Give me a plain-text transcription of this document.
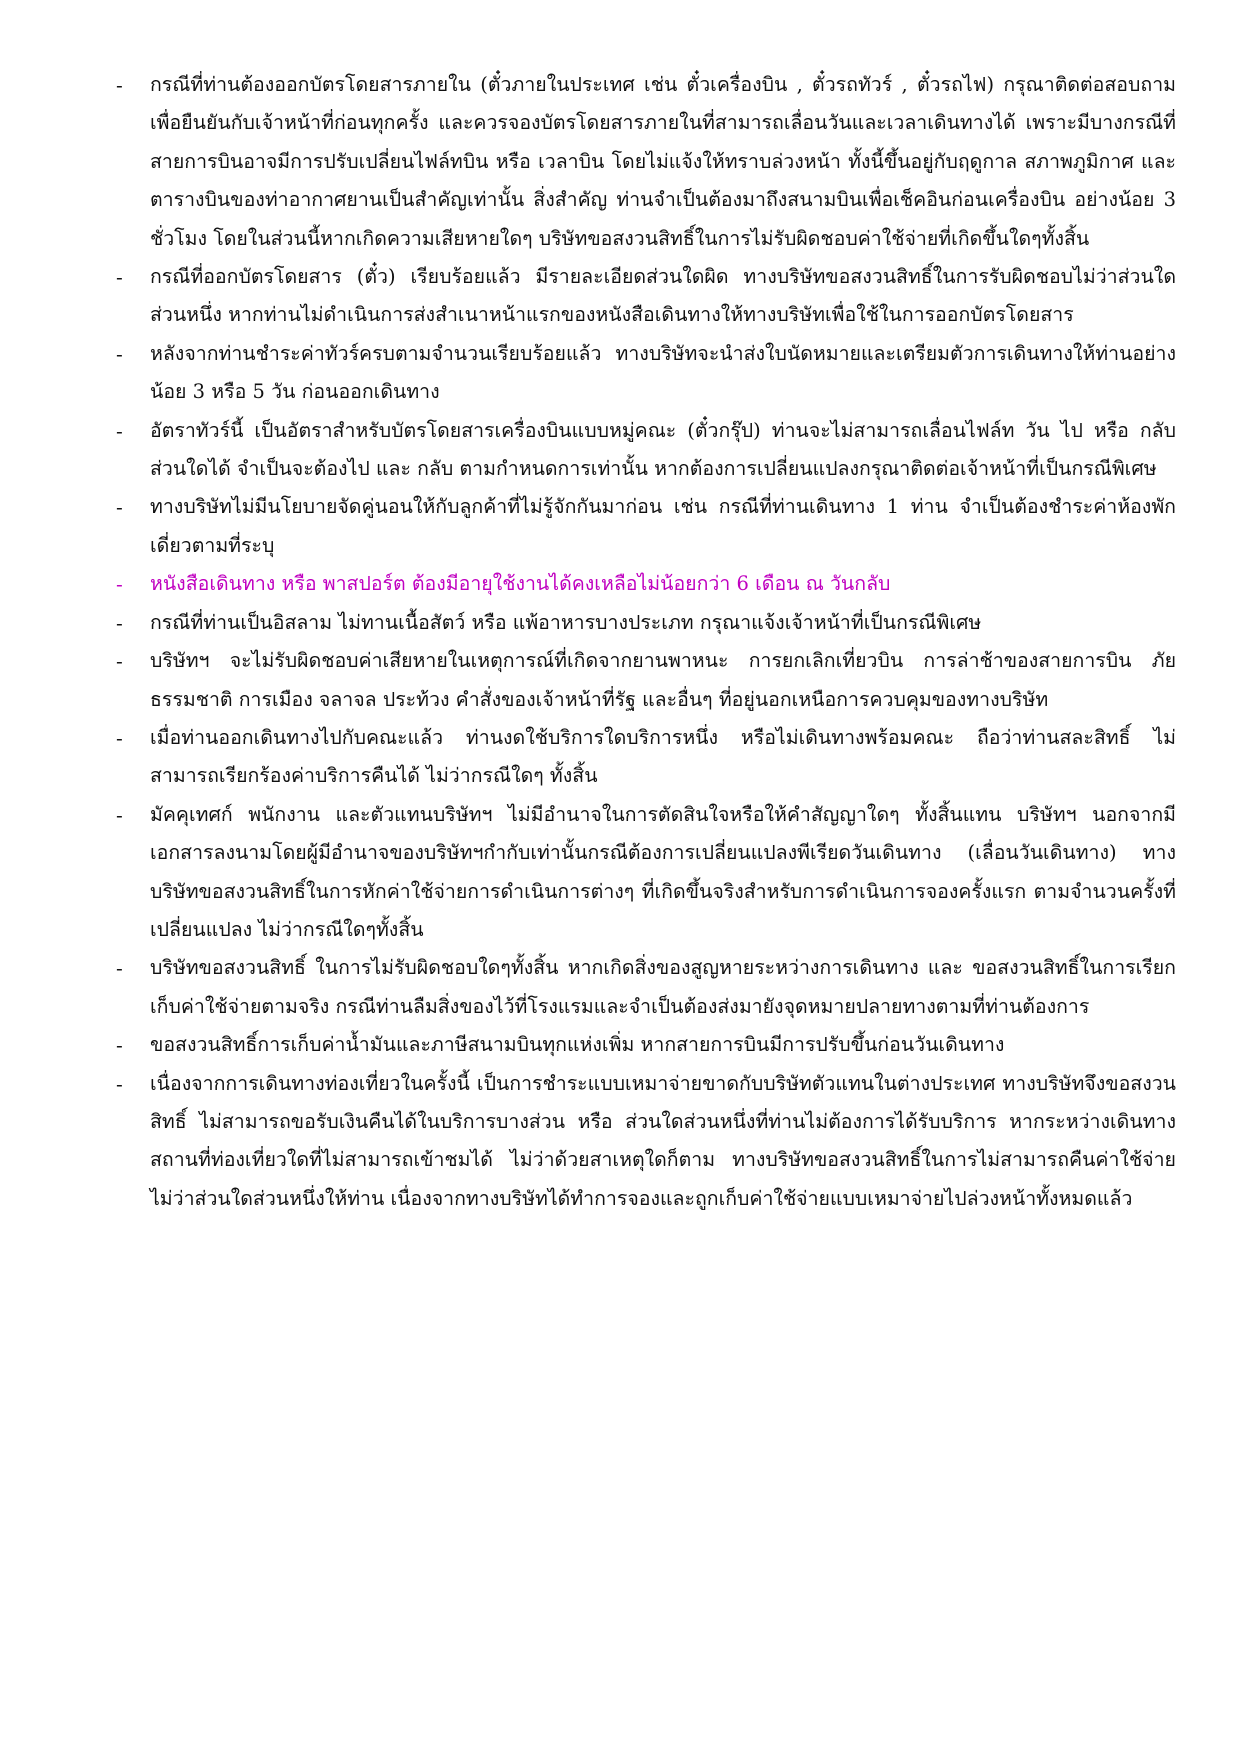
-	กรณีที่ท่านต้องออกบัตรโดยสารภายใน (ตั๋วภายในประเทศ เช่น ตั๋วเครื่องบิน , ตั๋วรถทัวร์ , ตั๋วรถไฟ) กรุณาติดต่อสอบถามเพื่อยืนยันกับเจ้าหน้าที่ก่อนทุกครั้ง และควรจองบัตรโดยสารภายในที่สามารถเลื่อนวันและเวลาเดินทางได้ เพราะมีบางกรณีที่สายการบินอาจมีการปรับเปลี่ยนไฟล์ทบิน หรือ เวลาบิน โดยไม่แจ้งให้ทราบล่วงหน้า ทั้งนี้ขึ้นอยู่กับฤดูกาล สภาพภูมิกาศ และ ตารางบินของท่าอากาศยานเป็นสำคัญเท่านั้น สิ่งสำคัญ ท่านจำเป็นต้องมาถึงสนามบินเพื่อเช็คอินก่อนเครื่องบิน อย่างน้อย 3 ชั่วโมง โดยในส่วนนี้หากเกิดความเสียหายใดๆ บริษัทขอสงวนสิทธิ์ในการไม่รับผิดชอบค่าใช้จ่ายที่เกิดขึ้นใดๆทั้งสิ้น
-	กรณีที่ออกบัตรโดยสาร (ตั๋ว) เรียบร้อยแล้ว มีรายละเอียดส่วนใดผิด ทางบริษัทขอสงวนสิทธิ์ในการรับผิดชอบไม่ว่าส่วนใดส่วนหนึ่ง หากท่านไม่ดำเนินการส่งสำเนาหน้าแรกของหนังสือเดินทางให้ทางบริษัทเพื่อใช้ในการออกบัตรโดยสาร
-	หลังจากท่านชำระค่าทัวร์ครบตามจำนวนเรียบร้อยแล้ว ทางบริษัทจะนำส่งใบนัดหมายและเตรียมตัวการเดินทางให้ท่านอย่างน้อย 3 หรือ 5 วัน ก่อนออกเดินทาง
-	อัตราทัวร์นี้ เป็นอัตราสำหรับบัตรโดยสารเครื่องบินแบบหมู่คณะ (ตั๋วกรุ๊ป) ท่านจะไม่สามารถเลื่อนไฟล์ท วัน ไป หรือ กลับส่วนใดได้ จำเป็นจะต้องไป และ กลับ ตามกำหนดการเท่านั้น หากต้องการเปลี่ยนแปลงกรุณาติดต่อเจ้าหน้าที่เป็นกรณีพิเศษ
-	ทางบริษัทไม่มีนโยบายจัดคู่นอนให้กับลูกค้าที่ไม่รู้จักกันมาก่อน เช่น กรณีที่ท่านเดินทาง 1 ท่าน จำเป็นต้องชำระค่าห้องพักเดี่ยวตามที่ระบุ
-	หนังสือเดินทาง หรือ พาสปอร์ต ต้องมีอายุใช้งานได้คงเหลือไม่น้อยกว่า 6 เดือน ณ วันกลับ
-	กรณีที่ท่านเป็นอิสลาม ไม่ทานเนื้อสัตว์ หรือ แพ้อาหารบางประเภท กรุณาแจ้งเจ้าหน้าที่เป็นกรณีพิเศษ
-	บริษัทฯ จะไม่รับผิดชอบค่าเสียหายในเหตุการณ์ที่เกิดจากยานพาหนะ การยกเลิกเที่ยวบิน การล่าช้าของสายการบิน ภัยธรรมชาติ การเมือง จลาจล ประท้วง คำสั่งของเจ้าหน้าที่รัฐ และอื่นๆ ที่อยู่นอกเหนือการควบคุมของทางบริษัท
-	เมื่อท่านออกเดินทางไปกับคณะแล้ว ท่านงดใช้บริการใดบริการหนึ่ง หรือไม่เดินทางพร้อมคณะ ถือว่าท่านสละสิทธิ์ ไม่สามารถเรียกร้องค่าบริการคืนได้ ไม่ว่ากรณีใดๆ ทั้งสิ้น
-	มัคคุเทศก์ พนักงาน และตัวแทนบริษัทฯ ไม่มีอำนาจในการตัดสินใจหรือให้คำสัญญาใดๆ ทั้งสิ้นแทน บริษัทฯ นอกจากมีเอกสารลงนามโดยผู้มีอำนาจของบริษัทฯกำกับเท่านั้นกรณีต้องการเปลี่ยนแปลงพีเรียดวันเดินทาง (เลื่อนวันเดินทาง) ทางบริษัทขอสงวนสิทธิ์ในการหักค่าใช้จ่ายการดำเนินการต่างๆ ที่เกิดขึ้นจริงสำหรับการดำเนินการจองครั้งแรก ตามจำนวนครั้งที่เปลี่ยนแปลง ไม่ว่ากรณีใดๆทั้งสิ้น
-	บริษัทขอสงวนสิทธิ์ ในการไม่รับผิดชอบใดๆทั้งสิ้น หากเกิดสิ่งของสูญหายระหว่างการเดินทาง และ ขอสงวนสิทธิ์ในการเรียกเก็บค่าใช้จ่ายตามจริง กรณีท่านลืมสิ่งของไว้ที่โรงแรมและจำเป็นต้องส่งมายังจุดหมายปลายทางตามที่ท่านต้องการ
-	ขอสงวนสิทธิ์การเก็บค่าน้ำมันและภาษีสนามบินทุกแห่งเพิ่ม หากสายการบินมีการปรับขึ้นก่อนวันเดินทาง
-	เนื่องจากการเดินทางท่องเที่ยวในครั้งนี้ เป็นการชำระแบบเหมาจ่ายขาดกับบริษัทตัวแทนในต่างประเทศ ทางบริษัทจึงขอสงวนสิทธิ์ ไม่สามารถขอรับเงินคืนได้ในบริการบางส่วน หรือ ส่วนใดส่วนหนึ่งที่ท่านไม่ต้องการได้รับบริการ หากระหว่างเดินทาง สถานที่ท่องเที่ยวใดที่ไม่สามารถเข้าชมได้ ไม่ว่าด้วยสาเหตุใดก็ตาม ทางบริษัทขอสงวนสิทธิ์ในการไม่สามารถคืนค่าใช้จ่ายไม่ว่าส่วนใดส่วนหนึ่งให้ท่าน เนื่องจากทางบริษัทได้ทำการจองและถูกเก็บค่าใช้จ่ายแบบเหมาจ่ายไปล่วงหน้าทั้งหมดแล้ว
